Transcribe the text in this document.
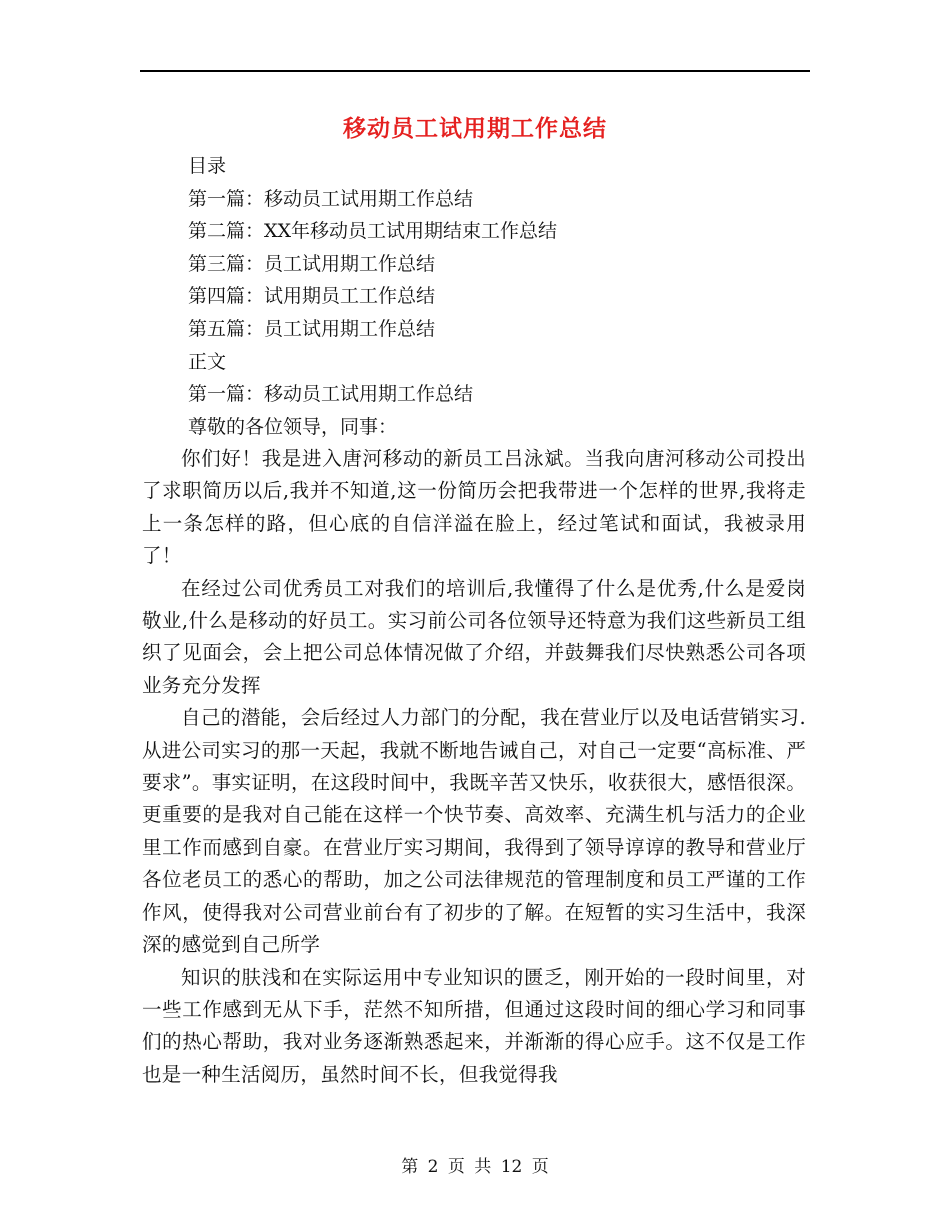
移动员工试用期工作总结
目录
第一篇：移动员工试用期工作总结
第二篇：XX年移动员工试用期结束工作总结
第三篇：员工试用期工作总结
第四篇：试用期员工工作总结
第五篇：员工试用期工作总结
正文
第一篇：移动员工试用期工作总结
尊敬的各位领导，同事：

你们好！我是进入唐河移动的新员工吕泳斌。当我向唐河移动公司投出了求职简历以后,我并不知道,这一份简历会把我带进一个怎样的世界,我将走上一条怎样的路，但心底的自信洋溢在脸上，经过笔试和面试，我被录用了！

在经过公司优秀员工对我们的培训后,我懂得了什么是优秀,什么是爱岗敬业,什么是移动的好员工。实习前公司各位领导还特意为我们这些新员工组织了见面会，会上把公司总体情况做了介绍，并鼓舞我们尽快熟悉公司各项业务充分发挥

自己的潜能，会后经过人力部门的分配，我在营业厅以及电话营销实习.从进公司实习的那一天起，我就不断地告诫自己，对自己一定要“高标准、严要求”。事实证明，在这段时间中，我既辛苦又快乐，收获很大，感悟很深。更重要的是我对自己能在这样一个快节奏、高效率、充满生机与活力的企业里工作而感到自豪。在营业厅实习期间，我得到了领导谆谆的教导和营业厅各位老员工的悉心的帮助，加之公司法律规范的管理制度和员工严谨的工作作风，使得我对公司营业前台有了初步的了解。在短暂的实习生活中，我深深的感觉到自己所学

知识的肤浅和在实际运用中专业知识的匮乏，刚开始的一段时间里，对一些工作感到无从下手，茫然不知所措，但通过这段时间的细心学习和同事们的热心帮助，我对业务逐渐熟悉起来，并渐渐的得心应手。这不仅是工作也是一种生活阅历，虽然时间不长，但我觉得我

第 2 页 共 12 页
